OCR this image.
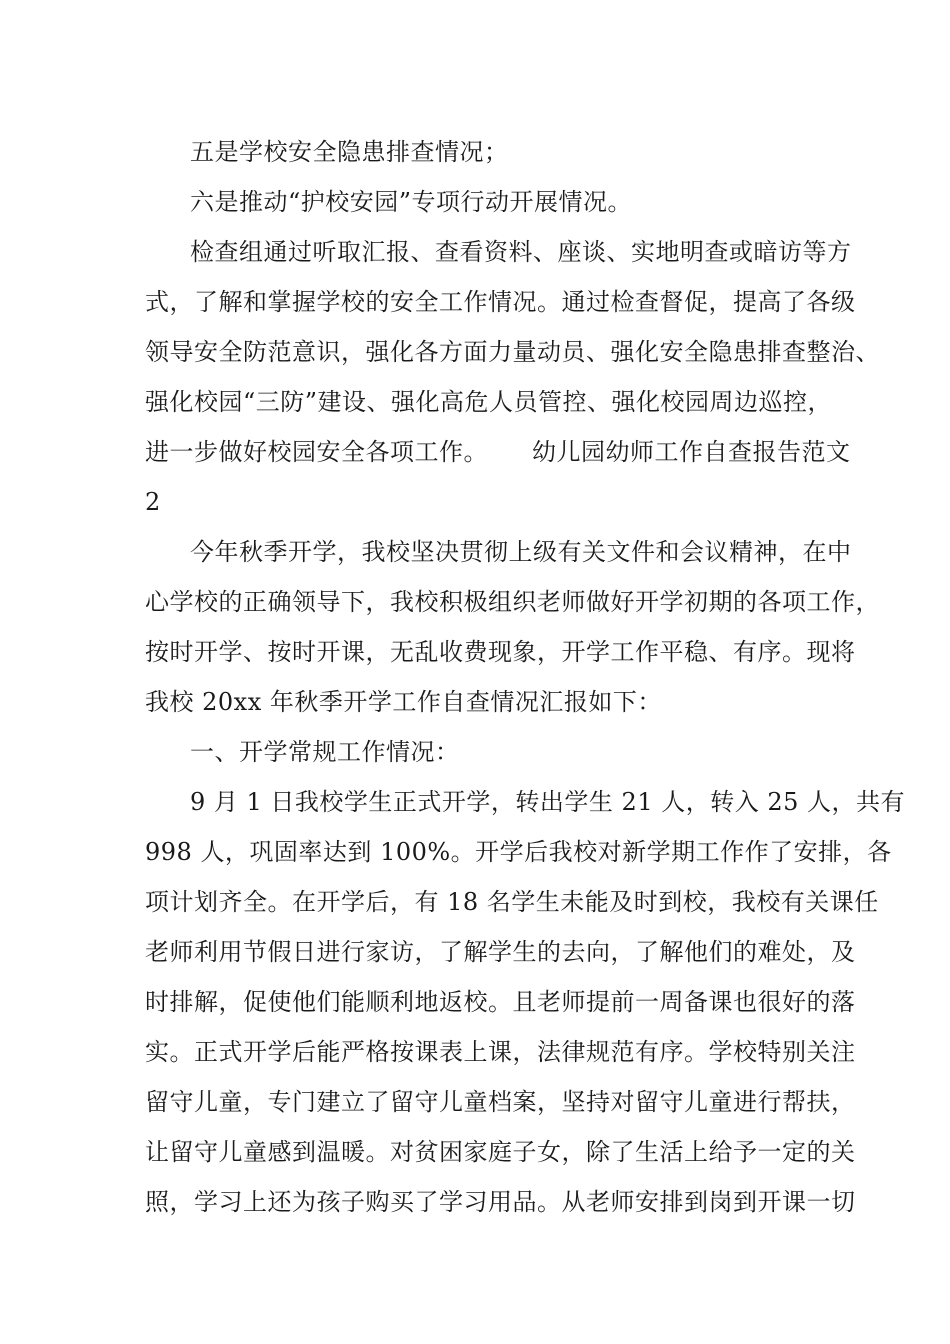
五是学校安全隐患排查情况；
六是推动“护校安园”专项行动开展情况。
检查组通过听取汇报、查看资料、座谈、实地明查或暗访等方
式，了解和掌握学校的安全工作情况。通过检查督促，提高了各级
领导安全防范意识，强化各方面力量动员、强化安全隐患排查整治、
强化校园“三防”建设、强化高危人员管控、强化校园周边巡控，
进一步做好校园安全各项工作。 幼儿园幼师工作自查报告范文
2
今年秋季开学，我校坚决贯彻上级有关文件和会议精神，在中
心学校的正确领导下，我校积极组织老师做好开学初期的各项工作，
按时开学、按时开课，无乱收费现象，开学工作平稳、有序。现将
我校 20xx 年秋季开学工作自查情况汇报如下：
一、开学常规工作情况：
9 月 1 日我校学生正式开学，转出学生 21 人，转入 25 人，共有
998 人，巩固率达到 100%。开学后我校对新学期工作作了安排，各
项计划齐全。在开学后，有 18 名学生未能及时到校，我校有关课任
老师利用节假日进行家访，了解学生的去向，了解他们的难处，及
时排解，促使他们能顺利地返校。且老师提前一周备课也很好的落
实。正式开学后能严格按课表上课，法律规范有序。学校特别关注
留守儿童，专门建立了留守儿童档案，坚持对留守儿童进行帮扶，
让留守儿童感到温暖。对贫困家庭子女，除了生活上给予一定的关
照，学习上还为孩子购买了学习用品。从老师安排到岗到开课一切
